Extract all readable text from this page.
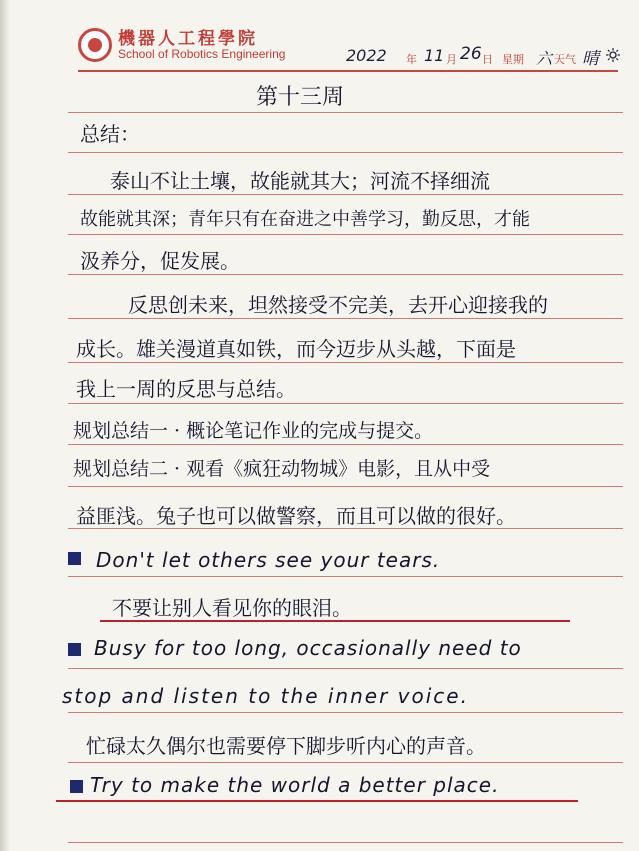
機器人工程學院
School of Robotics Engineering	2022 年 11 月 26 日 星期 六 天气 晴
第十三周
总结：
泰山不让土壤，故能就其大；河流不择细流
故能就其深；青年只有在奋进之中善学习，勤反思，才能
汲养分，促发展。
反思创未来，坦然接受不完美，去开心迎接我的
成长。雄关漫道真如铁，而今迈步从头越，下面是
我上一周的反思与总结。
规划总结一 · 概论笔记作业的完成与提交。
规划总结二 · 观看《疯狂动物城》电影，且从中受
益匪浅。兔子也可以做警察，而且可以做的很好。
Don't let others see your tears.
不要让别人看见你的眼泪。
Busy for too long, occasionally need to
stop and listen to the inner voice.
忙碌太久偶尔也需要停下脚步听内心的声音。
Try to make the world a better place.
